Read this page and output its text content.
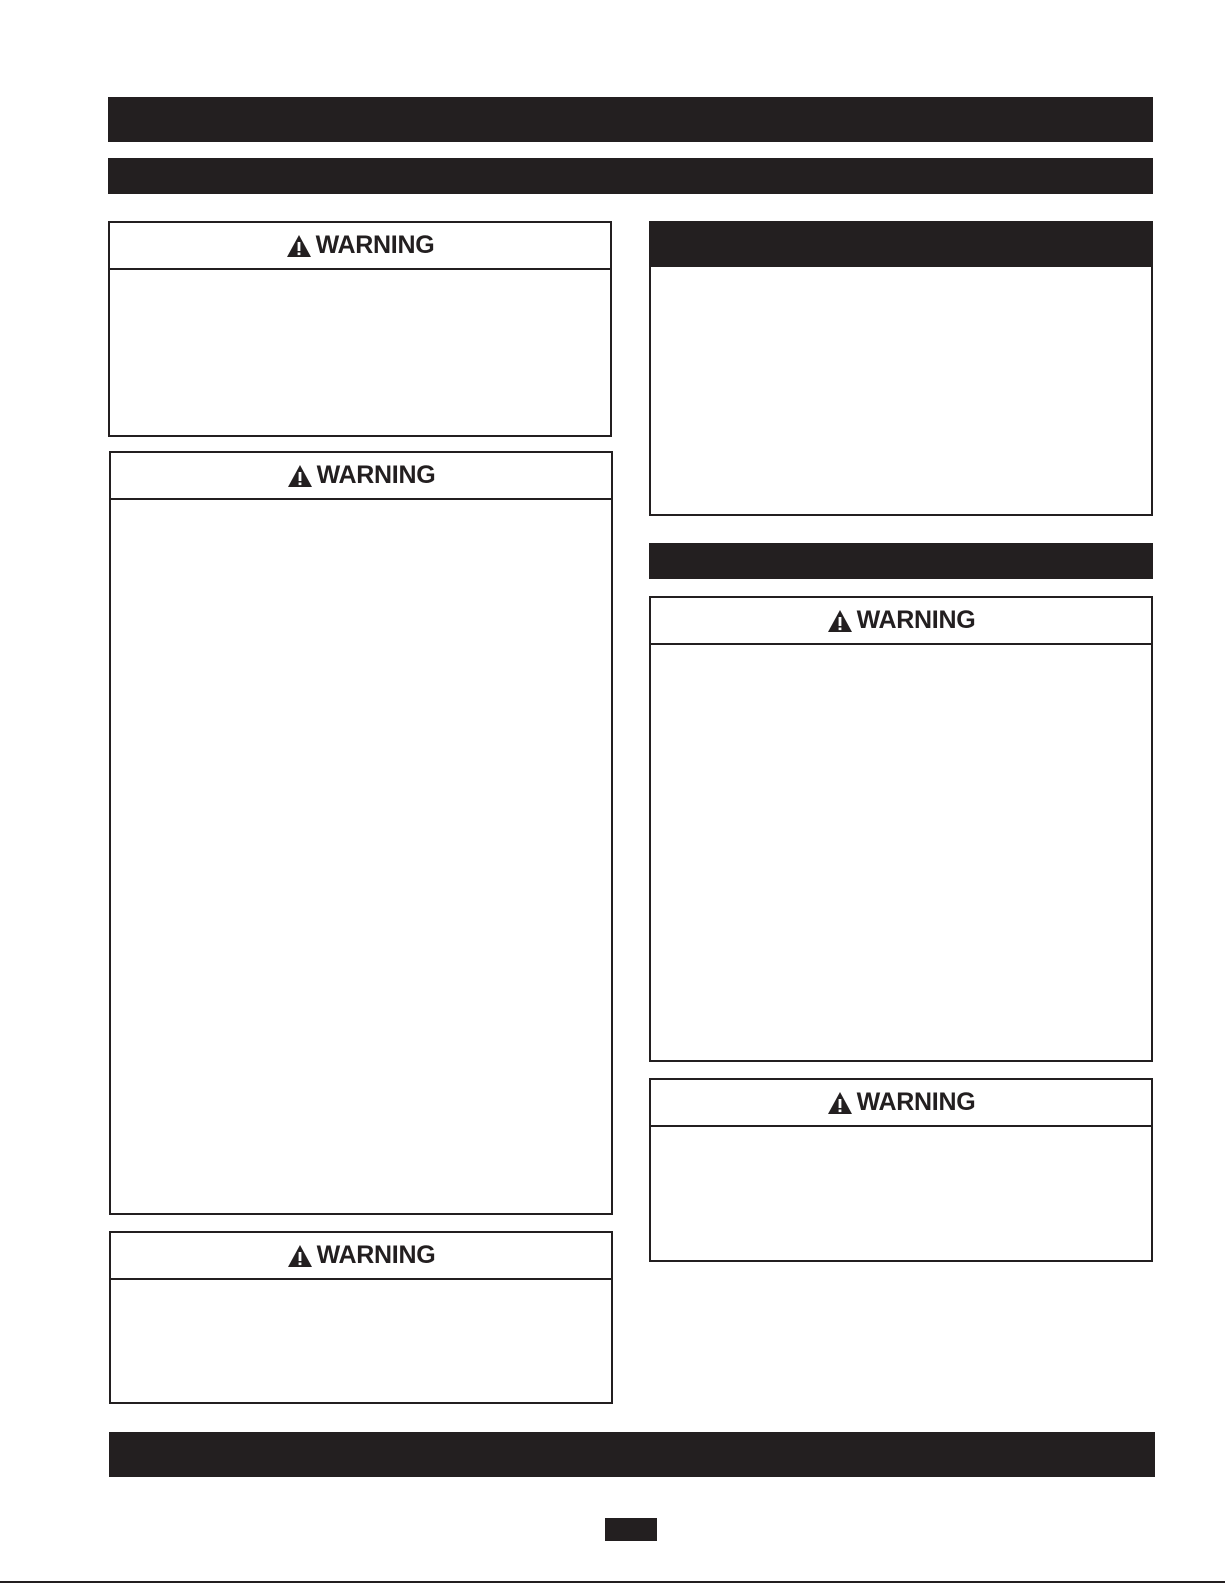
WARNING
WARNING
WARNING
WARNING
WARNING
